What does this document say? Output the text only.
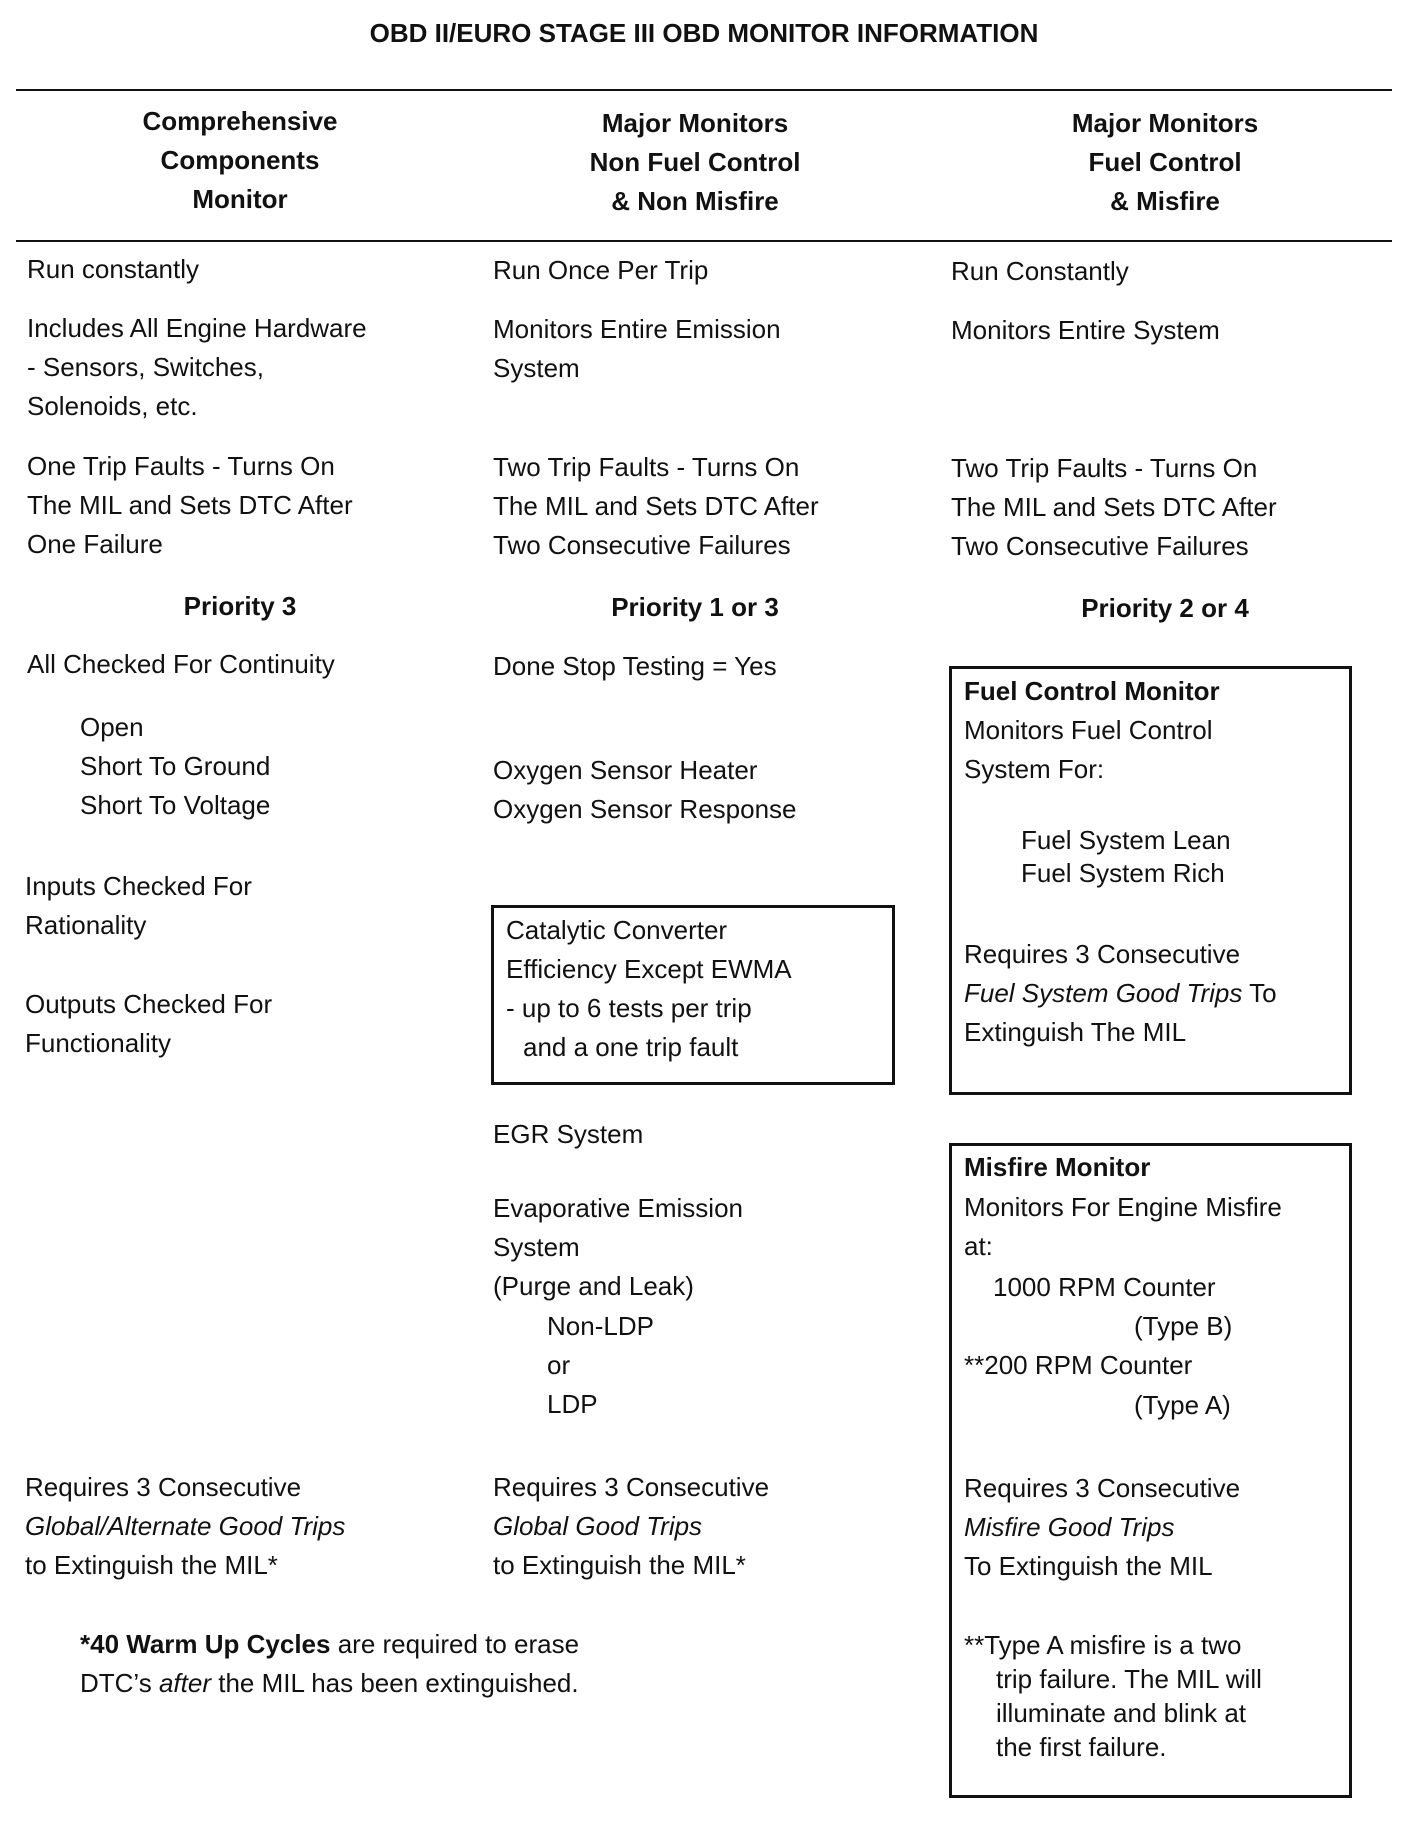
OBD II/EURO STAGE III OBD MONITOR INFORMATION
Comprehensive
Components
Monitor
Major Monitors
Non Fuel Control
& Non Misfire
Major Monitors
Fuel Control
& Misfire
Run constantly
Includes All Engine Hardware
- Sensors, Switches,
Solenoids, etc.
One Trip Faults - Turns On
The MIL and Sets DTC After
One Failure
Priority 3
All Checked For Continuity
Open
Short To Ground
Short To Voltage
Inputs Checked For
Rationality
Outputs Checked For
Functionality
Requires 3 Consecutive
Global/Alternate Good Trips
to Extinguish the MIL*
*40 Warm Up Cycles are required to erase
DTC’s after the MIL has been extinguished.
Run Once Per Trip
Monitors Entire Emission
System
Two Trip Faults - Turns On
The MIL and Sets DTC After
Two Consecutive Failures
Priority 1 or 3
Done Stop Testing = Yes
Oxygen Sensor Heater
Oxygen Sensor Response
Catalytic Converter
Efficiency Except EWMA
- up to 6 tests per trip
and a one trip fault
EGR System
Evaporative Emission
System
(Purge and Leak)
Non-LDP
or
LDP
Requires 3 Consecutive
Global Good Trips
to Extinguish the MIL*
Run Constantly
Monitors Entire System
Two Trip Faults - Turns On
The MIL and Sets DTC After
Two Consecutive Failures
Priority 2 or 4
Fuel Control Monitor
Monitors Fuel Control
System For:
Fuel System Lean
Fuel System Rich
Requires 3 Consecutive
Fuel System Good Trips To
Extinguish The MIL
Misfire Monitor
Monitors For Engine Misfire
at:
1000 RPM Counter
(Type B)
**200 RPM Counter
(Type A)
Requires 3 Consecutive
Misfire Good Trips
To Extinguish the MIL
**Type A misfire is a two
trip failure. The MIL will
illuminate and blink at
the first failure.
